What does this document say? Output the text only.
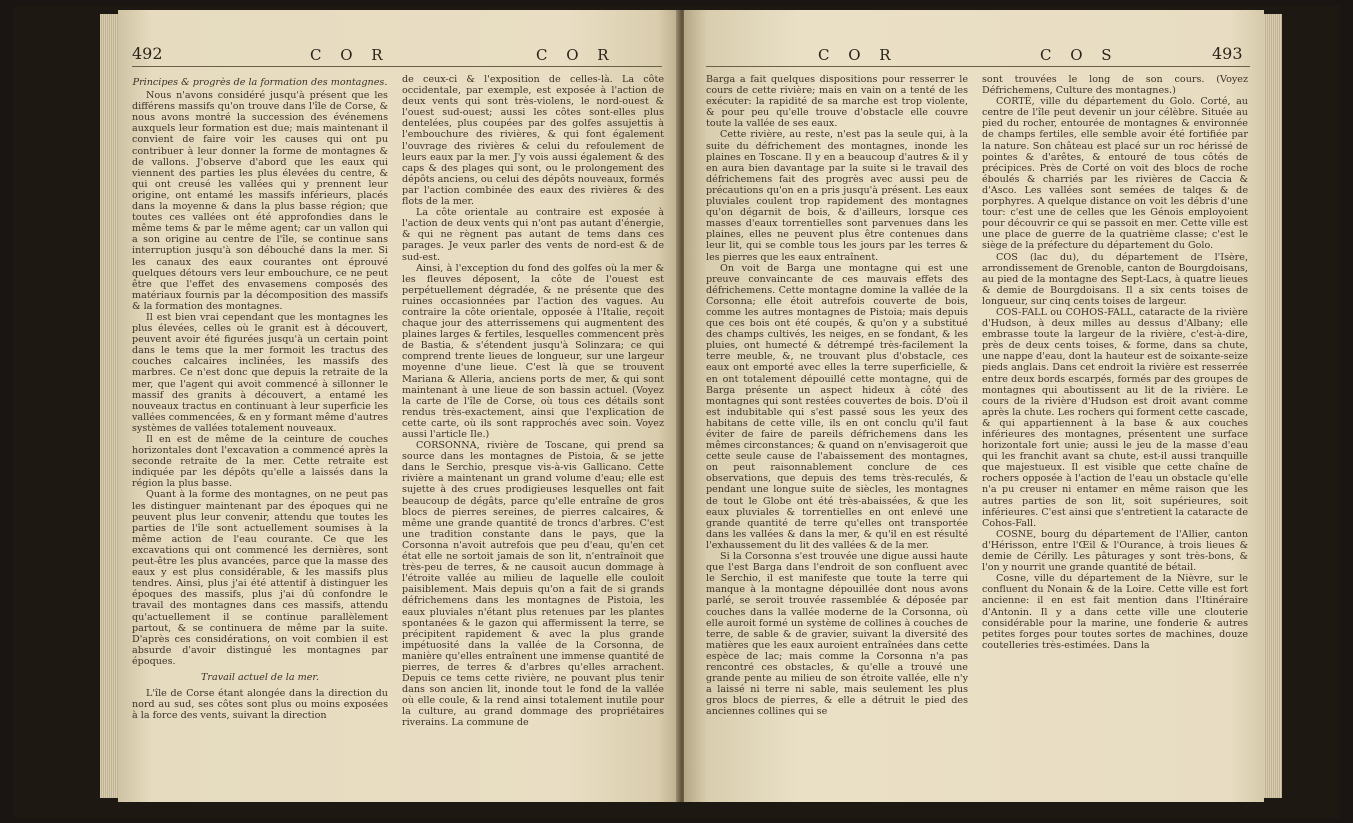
492	C O R	C O R

Principes & progrès de la formation des montagnes.

Nous n'avons considéré jusqu'à présent que les différens massifs qu'on trouve dans l'île de Corse, & nous avons montré la succession des événemens auxquels leur formation est due; mais maintenant il convient de faire voir les causes qui ont pu contribuer à leur donner la forme de montagnes & de vallons. J'observe d'abord que les eaux qui viennent des parties les plus élevées du centre, & qui ont creusé les vallées qui y prennent leur origine, ont entamé les massifs inférieurs, placés dans la moyenne & dans la plus basse région; que toutes ces vallées ont été approfondies dans le même tems & par le même agent; car un vallon qui a son origine au centre de l'île, se continue sans interruption jusqu'à son débouché dans la mer. Si les canaux des eaux courantes ont éprouvé quelques détours vers leur embouchure, ce ne peut être que l'effet des envasemens composés des matériaux fournis par la décomposition des massifs & la formation des montagnes.

Il est bien vrai cependant que les montagnes les plus élevées, celles où le granit est à découvert, peuvent avoir été figurées jusqu'à un certain point dans le tems que la mer formoit les tractus des couches calcaires inclinées, les massifs des marbres. Ce n'est donc que depuis la retraite de la mer, que l'agent qui avoit commencé à sillonner le massif des granits à découvert, a entamé les nouveaux tractus en continuant à leur superficie les vallées commencées, & en y formant même d'autres systèmes de vallées totalement nouveaux.

Il en est de même de la ceinture de couches horizontales dont l'excavation a commencé après la seconde retraite de la mer. Cette retraite est indiquée par les dépôts qu'elle a laissés dans la région la plus basse.

Quant à la forme des montagnes, on ne peut pas les distinguer maintenant par des époques qui ne peuvent plus leur convenir, attendu que toutes les parties de l'île sont actuellement soumises à la même action de l'eau courante. Ce que les excavations qui ont commencé les dernières, sont peut-être les plus avancées, parce que la masse des eaux y est plus considérable, & les massifs plus tendres. Ainsi, plus j'ai été attentif à distinguer les époques des massifs, plus j'ai dû confondre le travail des montagnes dans ces massifs, attendu qu'actuellement il se continue parallèlement partout, & se continuera de même par la suite. D'après ces considérations, on voit combien il est absurde d'avoir distingué les montagnes par époques.

Travail actuel de la mer.

L'île de Corse étant alongée dans la direction du nord au sud, ses côtes sont plus ou moins exposées à la force des vents, suivant la direction

de ceux-ci & l'exposition de celles-là. La côte occidentale, par exemple, est exposée à l'action de deux vents qui sont très-violens, le nord-ouest & l'ouest sud-ouest; aussi les côtes sont-elles plus dentelées, plus coupées par des golfes assujettis à l'embouchure des rivières, & qui font également l'ouvrage des rivières & celui du refoulement de leurs eaux par la mer. J'y vois aussi également & des caps & des plages qui sont, ou le prolongement des dépôts anciens, ou celui des dépôts nouveaux, formés par l'action combinée des eaux des rivières & des flots de la mer.

La côte orientale au contraire est exposée à l'action de deux vents qui n'ont pas autant d'énergie, & qui ne règnent pas autant de tems dans ces parages. Je veux parler des vents de nord-est & de sud-est.

Ainsi, à l'exception du fond des golfes où la mer & les fleuves déposent, la côte de l'ouest est perpétuellement dégradée, & ne présente que des ruines occasionnées par l'action des vagues. Au contraire la côte orientale, opposée à l'Italie, reçoit chaque jour des atterrissemens qui augmentent des plaines larges & fertiles, lesquelles commencent près de Bastia, & s'étendent jusqu'à Solinzara; ce qui comprend trente lieues de longueur, sur une largeur moyenne d'une lieue. C'est là que se trouvent Mariana & Alleria, anciens ports de mer, & qui sont maintenant à une lieue de son bassin actuel. (Voyez la carte de l'île de Corse, où tous ces détails sont rendus très-exactement, ainsi que l'explication de cette carte, où ils sont rapprochés avec soin. Voyez aussi l'article Ile.)

CORSONNA, rivière de Toscane, qui prend sa source dans les montagnes de Pistoia, & se jette dans le Serchio, presque vis-à-vis Gallicano. Cette rivière a maintenant un grand volume d'eau; elle est sujette à des crues prodigieuses lesquelles ont fait beaucoup de dégâts, parce qu'elle entraîne de gros blocs de pierres sereines, de pierres calcaires, & même une grande quantité de troncs d'arbres. C'est une tradition constante dans le pays, que la Corsonna n'avoit autrefois que peu d'eau, qu'en cet état elle ne sortoit jamais de son lit, n'entraînoit que très-peu de terres, & ne causoit aucun dommage à l'étroite vallée au milieu de laquelle elle couloit paisiblement. Mais depuis qu'on a fait de si grands défrichemens dans les montagnes de Pistoia, les eaux pluviales n'étant plus retenues par les plantes spontanées & le gazon qui affermissent la terre, se précipitent rapidement & avec la plus grande impétuosité dans la vallée de la Corsonna, de manière qu'elles entraînent une immense quantité de pierres, de terres & d'arbres qu'elles arrachent. Depuis ce tems cette rivière, ne pouvant plus tenir dans son ancien lit, inonde tout le fond de la vallée où elle coule, & la rend ainsi totalement inutile pour la culture, au grand dommage des propriétaires riverains. La commune de

C O R	C O S	493

Barga a fait quelques dispositions pour resserrer le cours de cette rivière; mais en vain on a tenté de les exécuter: la rapidité de sa marche est trop violente, & pour peu qu'elle trouve d'obstacle elle couvre toute la vallée de ses eaux.

Cette rivière, au reste, n'est pas la seule qui, à la suite du défrichement des montagnes, inonde les plaines en Toscane. Il y en a beaucoup d'autres & il y en aura bien davantage par la suite si le travail des défrichemens fait des progrès avec aussi peu de précautions qu'on en a pris jusqu'à présent. Les eaux pluviales coulent trop rapidement des montagnes qu'on dégarnit de bois, & d'ailleurs, lorsque ces masses d'eaux torrentielles sont parvenues dans les plaines, elles ne peuvent plus être contenues dans leur lit, qui se comble tous les jours par les terres & les pierres que les eaux entraînent.

On voit de Barga une montagne qui est une preuve convaincante de ces mauvais effets des défrichemens. Cette montagne domine la vallée de la Corsonna; elle étoit autrefois couverte de bois, comme les autres montagnes de Pistoia; mais depuis que ces bois ont été coupés, & qu'on y a substitué des champs cultivés, les neiges, en se fondant, & les pluies, ont humecté & détrempé très-facilement la terre meuble, &, ne trouvant plus d'obstacle, ces eaux ont emporté avec elles la terre superficielle, & en ont totalement dépouillé cette montagne, qui de Barga présente un aspect hideux à côté des montagnes qui sont restées couvertes de bois. D'où il est indubitable qui s'est passé sous les yeux des habitans de cette ville, ils en ont conclu qu'il faut éviter de faire de pareils défrichemens dans les mêmes circonstances; & quand on n'envisageroit que cette seule cause de l'abaissement des montagnes, on peut raisonnablement conclure de ces observations, que depuis des tems très-reculés, & pendant une longue suite de siècles, les montagnes de tout le Globe ont été très-abaissées, & que les eaux pluviales & torrentielles en ont enlevé une grande quantité de terre qu'elles ont transportée dans les vallées & dans la mer, & qu'il en est résulté l'exhaussement du lit des vallées & de la mer.

Si la Corsonna s'est trouvée une digue aussi haute que l'est Barga dans l'endroit de son confluent avec le Serchio, il est manifeste que toute la terre qui manque à la montagne dépouillée dont nous avons parlé, se seroit trouvée rassemblée & déposée par couches dans la vallée moderne de la Corsonna, où elle auroit formé un système de collines à couches de terre, de sable & de gravier, suivant la diversité des matières que les eaux auroient entraînées dans cette espèce de lac; mais comme la Corsonna n'a pas rencontré ces obstacles, & qu'elle a trouvé une grande pente au milieu de son étroite vallée, elle n'y a laissé ni terre ni sable, mais seulement les plus gros blocs de pierres, & elle a détruit le pied des anciennes collines qui se

sont trouvées le long de son cours. (Voyez Défrichemens, Culture des montagnes.)

CORTÉ, ville du département du Golo. Corté, au centre de l'île peut devenir un jour célèbre. Située au pied du rocher, entourée de montagnes & environnée de champs fertiles, elle semble avoir été fortifiée par la nature. Son château est placé sur un roc hérissé de pointes & d'arêtes, & entouré de tous côtés de précipices. Près de Corté on voit des blocs de roche éboulés & charriés par les rivières de Caccia & d'Asco. Les vallées sont semées de talqes & de porphyres. A quelque distance on voit les débris d'une tour: c'est une de celles que les Génois employoient pour découvrir ce qui se passoit en mer. Cette ville est une place de guerre de la quatrième classe; c'est le siège de la préfecture du département du Golo.

COS (lac du), du département de l'Isère, arrondissement de Grenoble, canton de Bourgdoisans, au pied de la montagne des Sept-Lacs, à quatre lieues & demie de Bourgdoisans. Il a six cents toises de longueur, sur cinq cents toises de largeur.

COS-FALL ou COHOS-FALL, cataracte de la rivière d'Hudson, à deux milles au dessus d'Albany; elle embrasse toute la largeur de la rivière, c'est-à-dire, près de deux cents toises, & forme, dans sa chute, une nappe d'eau, dont la hauteur est de soixante-seize pieds anglais. Dans cet endroit la rivière est resserrée entre deux bords escarpés, formés par des groupes de montagnes qui aboutissent au lit de la rivière. Le cours de la rivière d'Hudson est droit avant comme après la chute. Les rochers qui forment cette cascade, & qui appartiennent à la base & aux couches inférieures des montagnes, présentent une surface horizontale fort unie; aussi le jeu de la masse d'eau qui les franchit avant sa chute, est-il aussi tranquille que majestueux. Il est visible que cette chaîne de rochers opposée à l'action de l'eau un obstacle qu'elle n'a pu creuser ni entamer en même raison que les autres parties de son lit, soit supérieures, soit inférieures. C'est ainsi que s'entretient la cataracte de Cohos-Fall.

COSNE, bourg du département de l'Allier, canton d'Hérisson, entre l'Œil & l'Ourance, à trois lieues & demie de Cérilly. Les pâturages y sont très-bons, & l'on y nourrit une grande quantité de bétail.

Cosne, ville du département de la Nièvre, sur le confluent du Nonain & de la Loire. Cette ville est fort ancienne: il en est fait mention dans l'Itinéraire d'Antonin. Il y a dans cette ville une clouterie considérable pour la marine, une fonderie & autres petites forges pour toutes sortes de machines, douze coutelleries très-estimées. Dans la
